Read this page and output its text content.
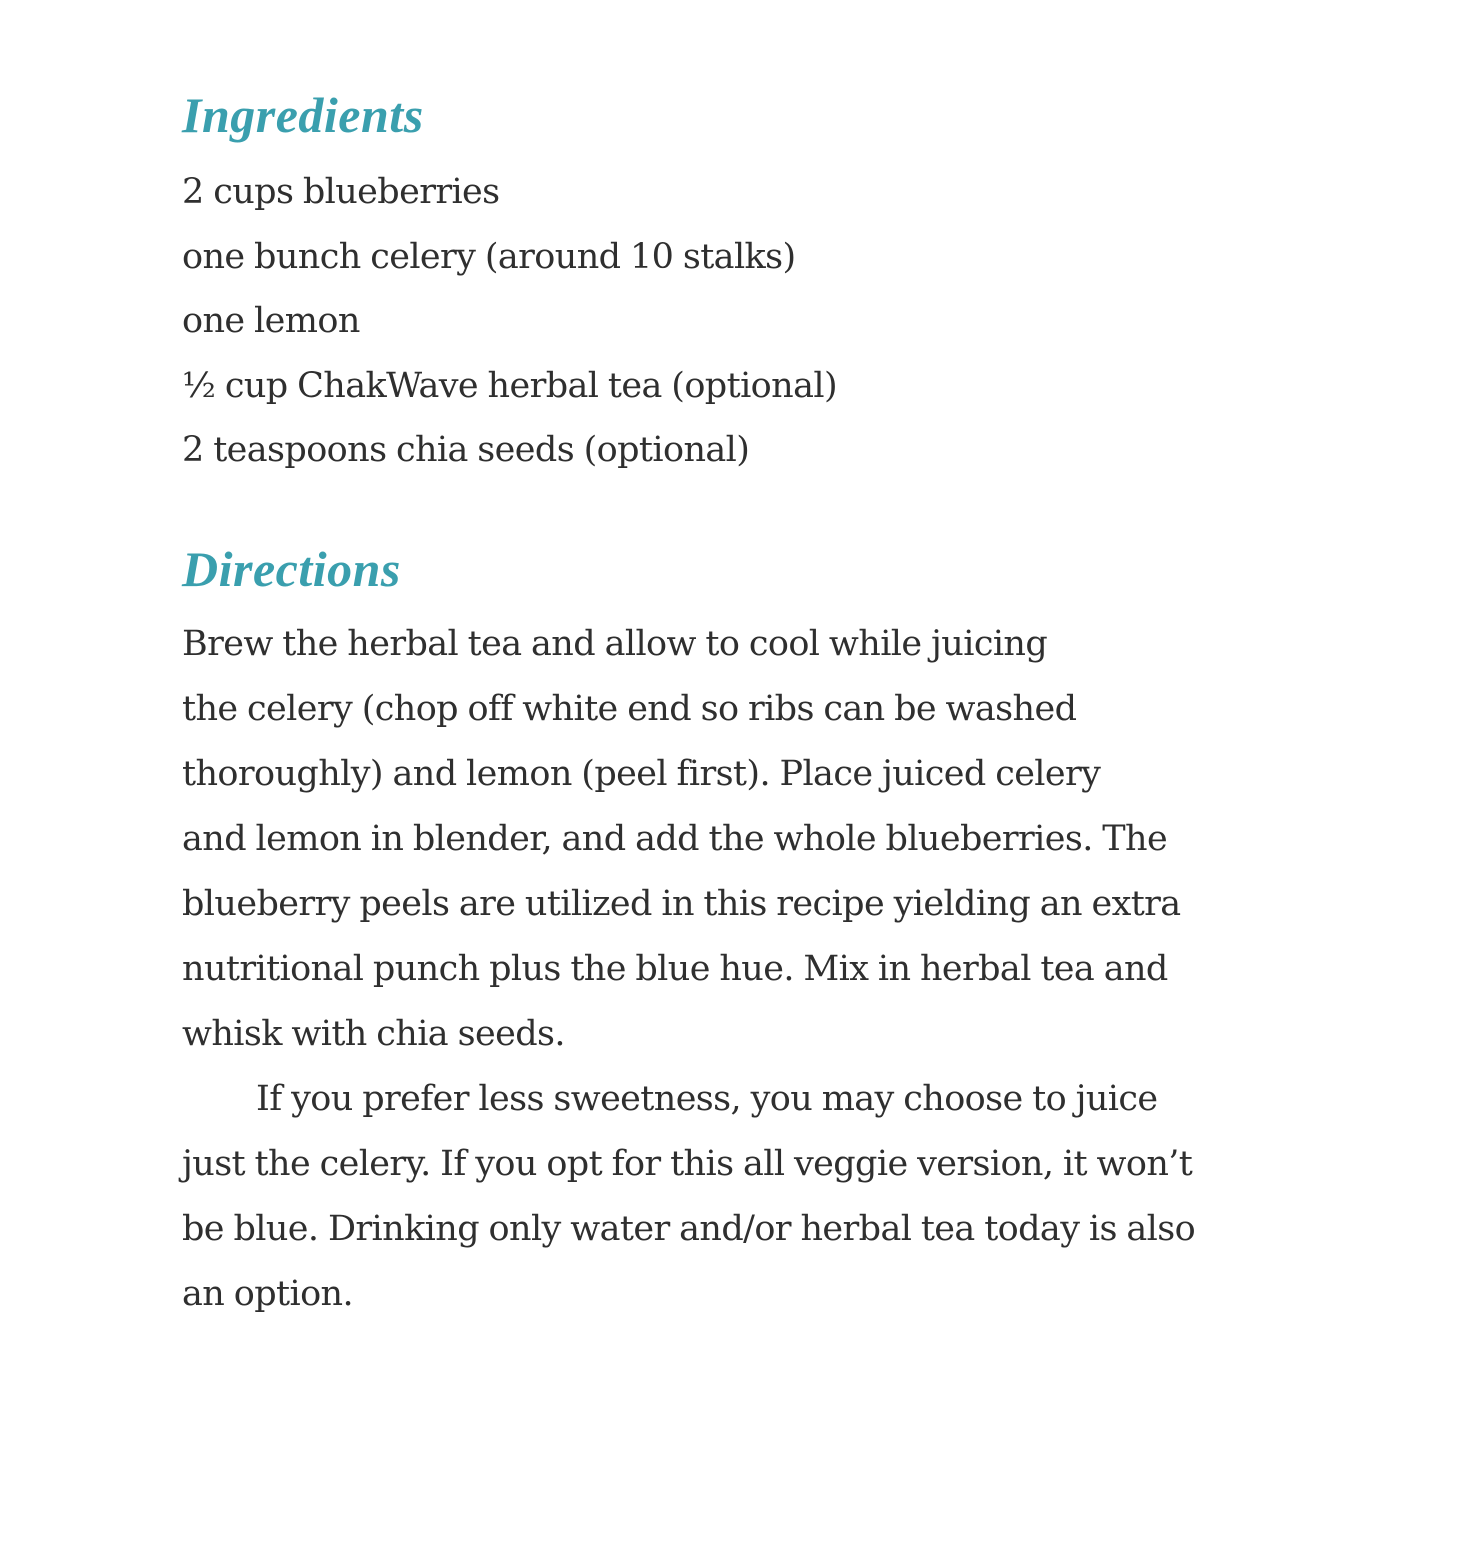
Ingredients
2 cups blueberries
one bunch celery (around 10 stalks)
one lemon
½ cup ChakWave herbal tea (optional)
2 teaspoons chia seeds (optional)
Directions
Brew the herbal tea and allow to cool while juicing
the celery (chop off white end so ribs can be washed
thoroughly) and lemon (peel first). Place juiced celery
and lemon in blender, and add the whole blueberries. The
blueberry peels are utilized in this recipe yielding an extra
nutritional punch plus the blue hue. Mix in herbal tea and
whisk with chia seeds.
If you prefer less sweetness, you may choose to juice
just the celery. If you opt for this all veggie version, it won’t
be blue. Drinking only water and/or herbal tea today is also
an option.
